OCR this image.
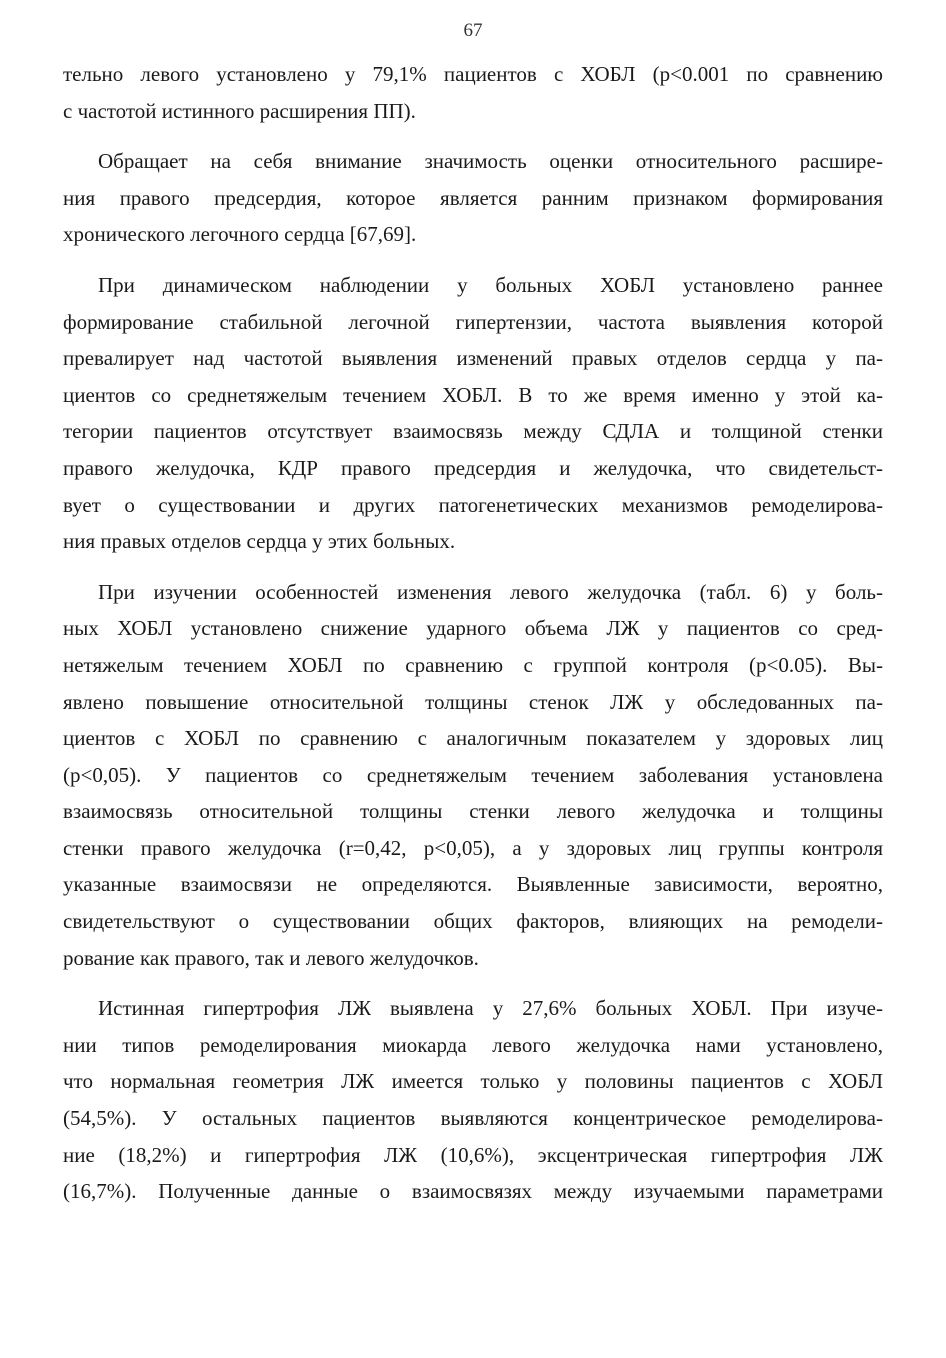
67
тельно левого установлено у 79,1% пациентов с ХОБЛ (p<0.001 по сравнению
с частотой истинного расширения ПП).
Обращает на себя внимание значимость оценки относительного расшире-
ния правого предсердия, которое является ранним признаком формирования
хронического легочного сердца [67,69].
При динамическом наблюдении у больных ХОБЛ установлено раннее
формирование стабильной легочной гипертензии, частота выявления которой
превалирует над частотой выявления изменений правых отделов сердца у па-
циентов со среднетяжелым течением ХОБЛ. В то же время именно у этой ка-
тегории пациентов отсутствует взаимосвязь между СДЛА и толщиной стенки
правого желудочка, КДР правого предсердия и желудочка, что свидетельст-
вует о существовании и других патогенетических механизмов ремоделирова-
ния правых отделов сердца у этих больных.
При изучении особенностей изменения левого желудочка (табл. 6) у боль-
ных ХОБЛ установлено снижение ударного объема ЛЖ у пациентов со сред-
нетяжелым течением ХОБЛ по сравнению с группой контроля (p<0.05). Вы-
явлено повышение относительной толщины стенок ЛЖ у обследованных па-
циентов с ХОБЛ по сравнению с аналогичным показателем у здоровых лиц
(p<0,05). У пациентов со среднетяжелым течением заболевания установлена
взаимосвязь относительной толщины стенки левого желудочка и толщины
стенки правого желудочка (r=0,42, p<0,05), а у здоровых лиц группы контроля
указанные взаимосвязи не определяются. Выявленные зависимости, вероятно,
свидетельствуют о существовании общих факторов, влияющих на ремодели-
рование как правого, так и левого желудочков.
Истинная гипертрофия ЛЖ выявлена у 27,6% больных ХОБЛ. При изуче-
нии типов ремоделирования миокарда левого желудочка нами установлено,
что нормальная геометрия ЛЖ имеется только у половины пациентов с ХОБЛ
(54,5%). У остальных пациентов выявляются концентрическое ремоделирова-
ние (18,2%) и гипертрофия ЛЖ (10,6%), эксцентрическая гипертрофия ЛЖ
(16,7%). Полученные данные о взаимосвязях между изучаемыми параметрами
